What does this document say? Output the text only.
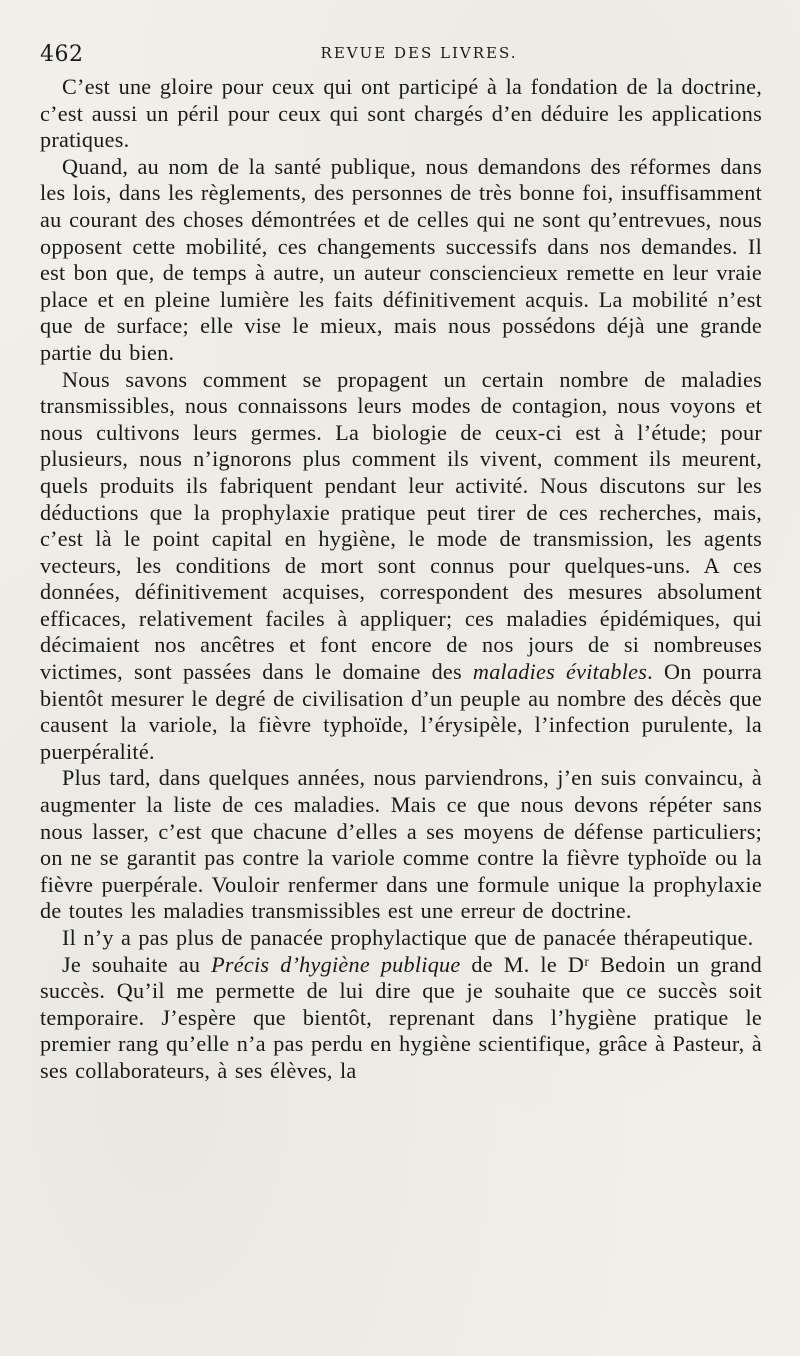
462	REVUE DES LIVRES.

C’est une gloire pour ceux qui ont participé à la fondation de la doctrine, c’est aussi un péril pour ceux qui sont chargés d’en déduire les applications pratiques.

Quand, au nom de la santé publique, nous demandons des réformes dans les lois, dans les règlements, des personnes de très bonne foi, insuffisamment au courant des choses démontrées et de celles qui ne sont qu’entrevues, nous opposent cette mobilité, ces changements successifs dans nos demandes. Il est bon que, de temps à autre, un auteur consciencieux remette en leur vraie place et en pleine lumière les faits définitivement acquis. La mobilité n’est que de surface; elle vise le mieux, mais nous possédons déjà une grande partie du bien.

Nous savons comment se propagent un certain nombre de maladies transmissibles, nous connaissons leurs modes de contagion, nous voyons et nous cultivons leurs germes. La biologie de ceux-ci est à l’étude; pour plusieurs, nous n’ignorons plus comment ils vivent, comment ils meurent, quels produits ils fabriquent pendant leur activité. Nous discutons sur les déductions que la prophylaxie pratique peut tirer de ces recherches, mais, c’est là le point capital en hygiène, le mode de transmission, les agents vecteurs, les conditions de mort sont connus pour quelques-uns. A ces données, définitivement acquises, correspondent des mesures absolument efficaces, relativement faciles à appliquer; ces maladies épidémiques, qui décimaient nos ancêtres et font encore de nos jours de si nombreuses victimes, sont passées dans le domaine des maladies évitables. On pourra bientôt mesurer le degré de civilisation d’un peuple au nombre des décès que causent la variole, la fièvre typhoïde, l’érysipèle, l’infection purulente, la puerpéralité.

Plus tard, dans quelques années, nous parviendrons, j’en suis convaincu, à augmenter la liste de ces maladies. Mais ce que nous devons répéter sans nous lasser, c’est que chacune d’elles a ses moyens de défense particuliers; on ne se garantit pas contre la variole comme contre la fièvre typhoïde ou la fièvre puerpérale. Vouloir renfermer dans une formule unique la prophylaxie de toutes les maladies transmissibles est une erreur de doctrine.

Il n’y a pas plus de panacée prophylactique que de panacée thérapeutique.

Je souhaite au Précis d’hygiène publique de M. le Dʳ Bedoin un grand succès. Qu’il me permette de lui dire que je souhaite que ce succès soit temporaire. J’espère que bientôt, reprenant dans l’hygiène pratique le premier rang qu’elle n’a pas perdu en hygiène scientifique, grâce à Pasteur, à ses collaborateurs, à ses élèves, la
